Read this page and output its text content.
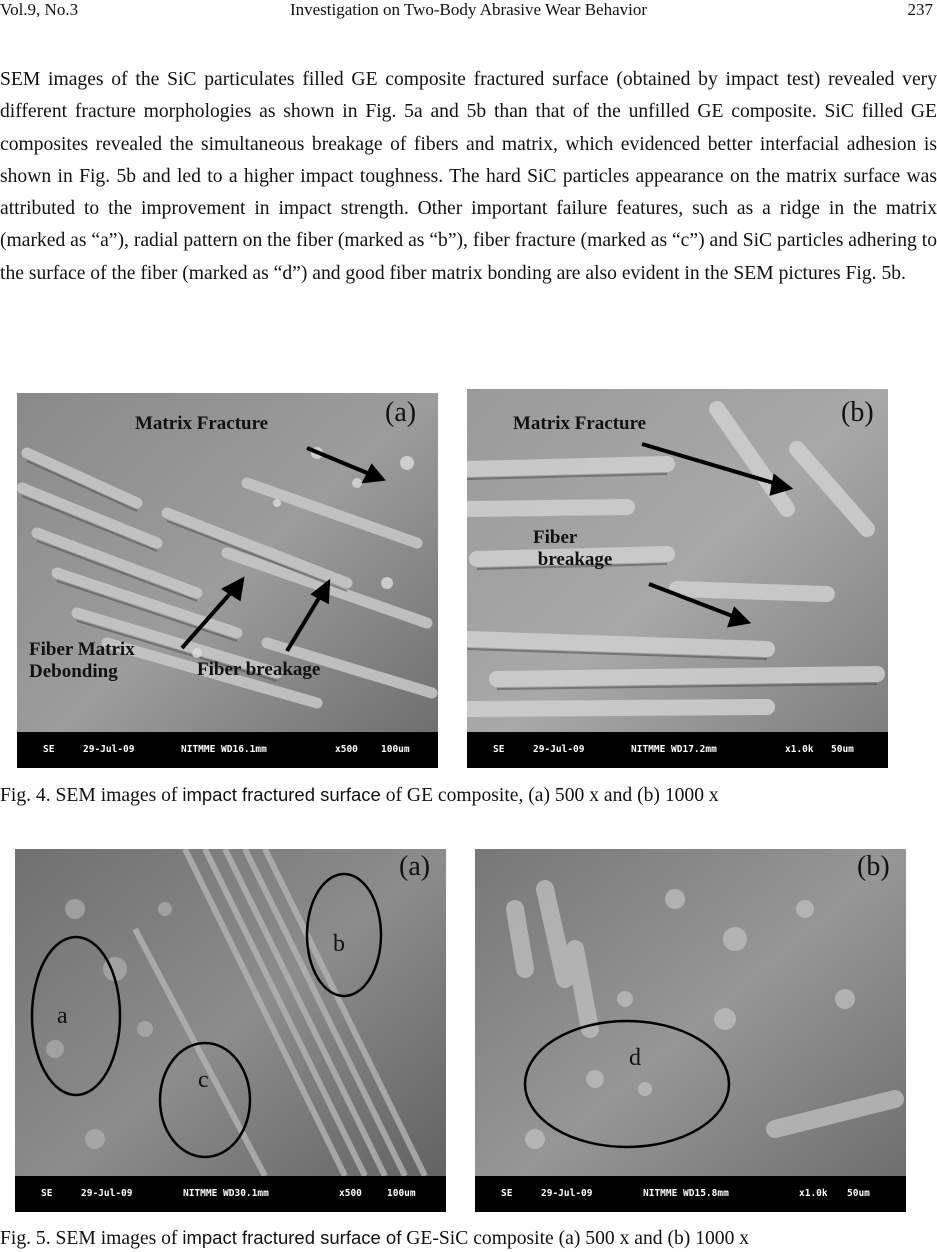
Vol.9, No.3	Investigation on Two-Body Abrasive Wear Behavior	237

SEM images of the SiC particulates filled GE composite fractured surface (obtained by impact test) revealed very different fracture morphologies as shown in Fig. 5a and 5b than that of the unfilled GE composite. SiC filled GE composites revealed the simultaneous breakage of fibers and matrix, which evidenced better interfacial adhesion is shown in Fig. 5b and led to a higher impact toughness. The hard SiC particles appearance on the matrix surface was attributed to the improvement in impact strength. Other important failure features, such as a ridge in the matrix (marked as “a”), radial pattern on the fiber (marked as “b”), fiber fracture (marked as “c”) and SiC particles adhering to the surface of the fiber (marked as “d”) and good fiber matrix bonding are also evident in the SEM pictures Fig. 5b.

(a)
Matrix Fracture
Fiber Matrix
Debonding	Fiber breakage
SE	29-Jul-09	NITMME WD16.1mm	x500 100um
(b)
Matrix Fracture
Fiber
breakage
SE	29-Jul-09	NITMME WD17.2mm	x1.0k 50um
Fig. 4. SEM images of impact fractured surface of GE composite, (a) 500 x and (b) 1000 x
(a)
a
b
c
SE	29-Jul-09	NITMME WD30.1mm	x500	100um
(b)
d
SE	29-Jul-09	NITMME WD15.8mm	x1.0k 50um
Fig. 5. SEM images of impact fractured surface of GE-SiC composite (a) 500 x and (b) 1000 x
